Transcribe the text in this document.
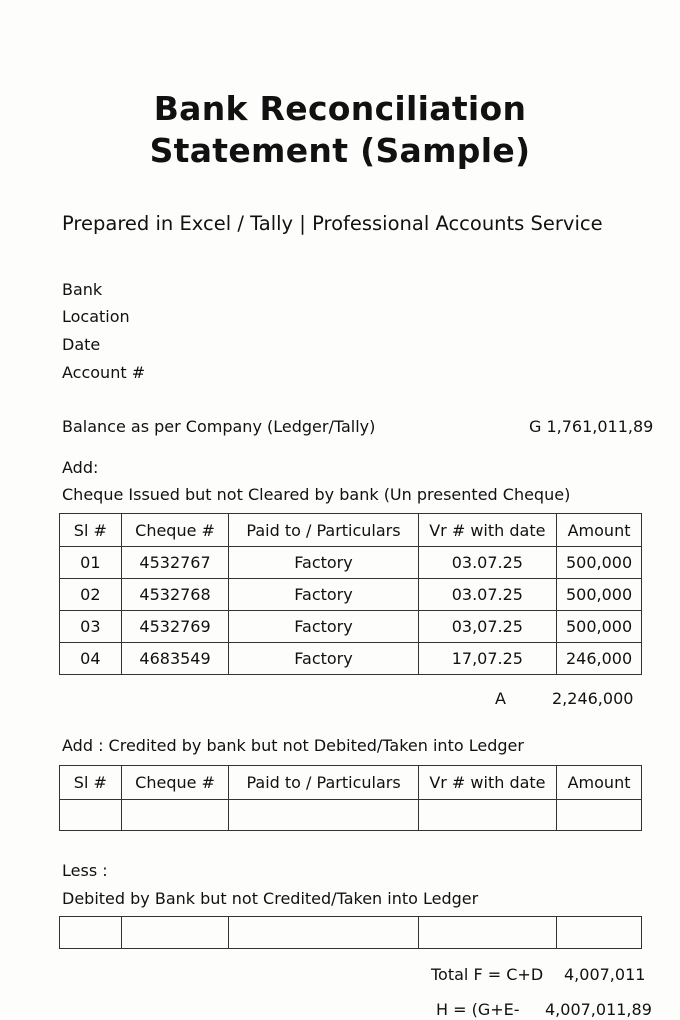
Bank Reconciliation
Statement (Sample)
Prepared in Excel / Tally | Professional Accounts Service
Bank
Location
Date
Account #
Balance as per Company (Ledger/Tally)	G 1,761,011,89
Add:
Cheque Issued but not Cleared by bank (Un presented Cheque)
Sl #	Cheque #	Paid to / Particulars	Vr # with date	Amount
01	4532767	Factory	03.07.25	500,000
02	4532768	Factory	03.07.25	500,000
03	4532769	Factory	03,07.25	500,000
04	4683549	Factory	17,07.25	246,000
A	2,246,000
Add : Credited by bank but not Debited/Taken into Ledger
Sl #	Cheque #	Paid to / Particulars	Vr # with date	Amount

Less :
Debited by Bank but not Credited/Taken into Ledger

Total F = C+D 4,007,011
H = (G+E- 4,007,011,89
